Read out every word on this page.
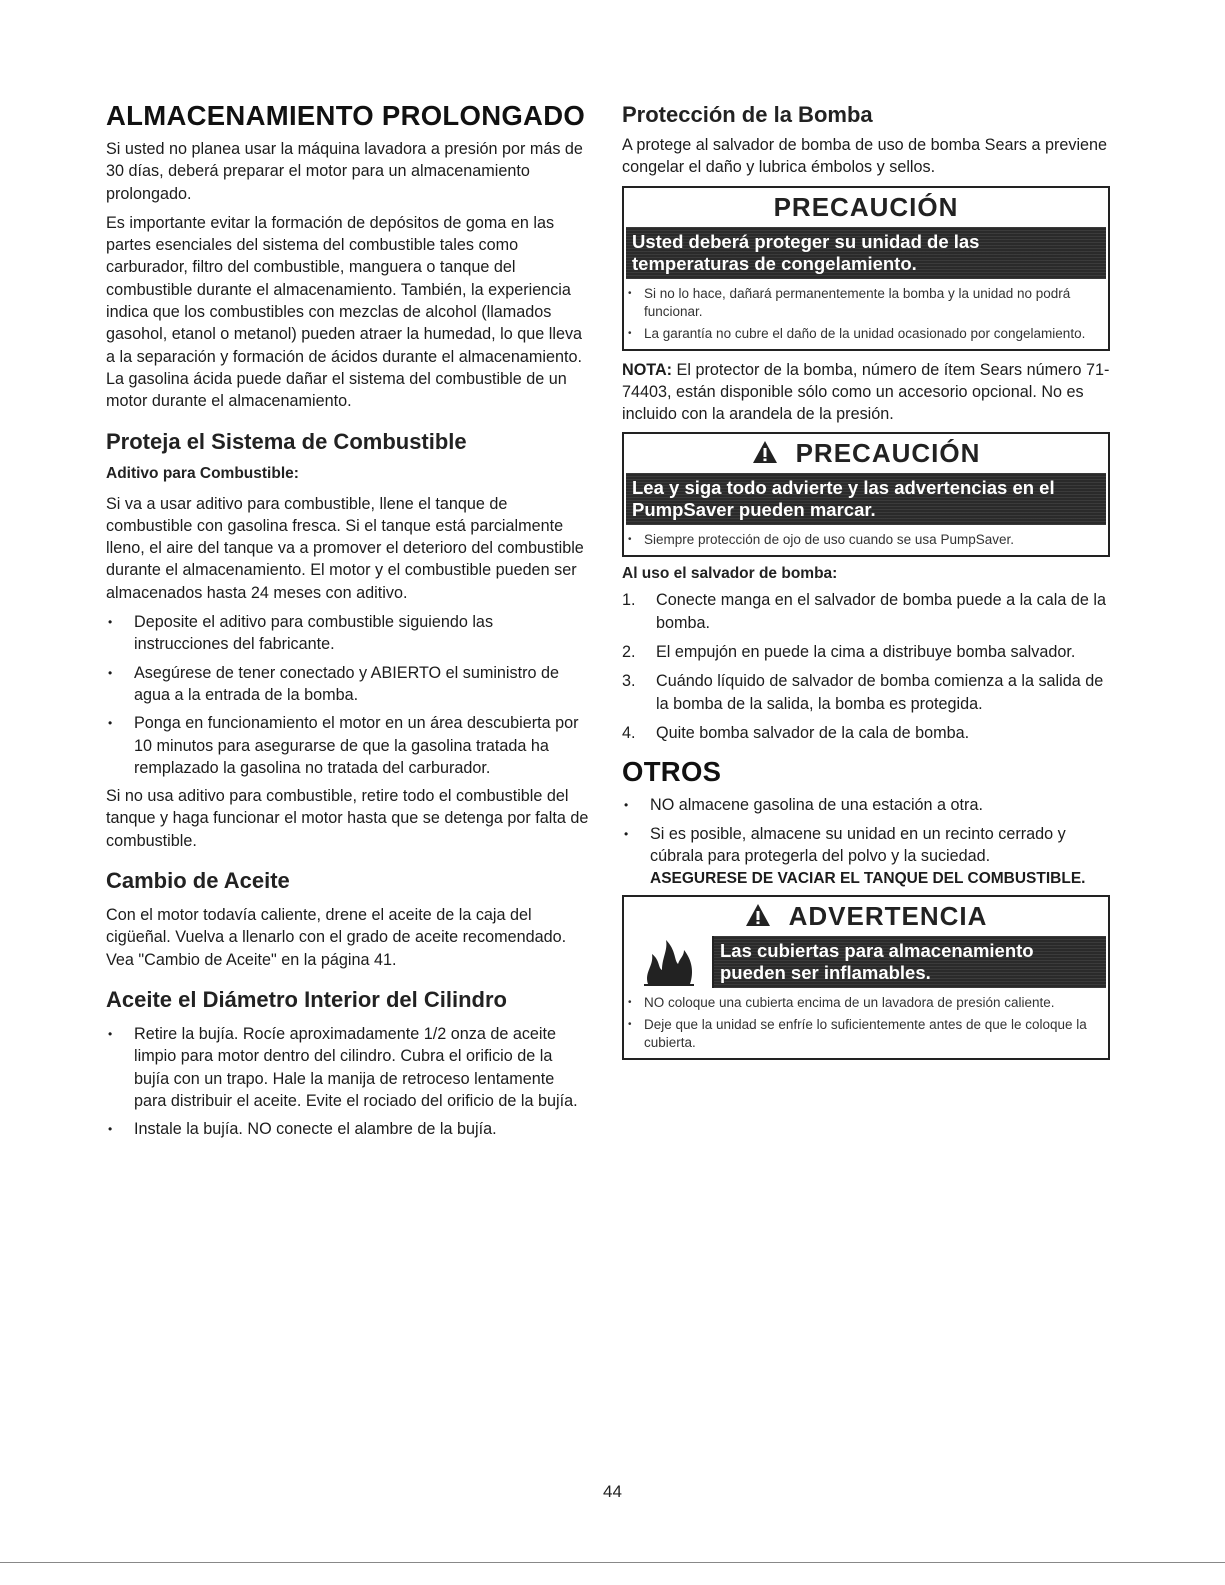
ALMACENAMIENTO PROLONGADO

Si usted no planea usar la máquina lavadora a presión por más de 30 días, deberá preparar el motor para un almacenamiento prolongado.

Es importante evitar la formación de depósitos de goma en las partes esenciales del sistema del combustible tales como carburador, filtro del combustible, manguera o tanque del combustible durante el almacenamiento. También, la experiencia indica que los combustibles con mezclas de alcohol (llamados gasohol, etanol o metanol) pueden atraer la humedad, lo que lleva a la separación y formación de ácidos durante el almacenamiento. La gasolina ácida puede dañar el sistema del combustible de un motor durante el almacenamiento.

Proteja el Sistema de Combustible
Aditivo para Combustible:

Si va a usar aditivo para combustible, llene el tanque de combustible con gasolina fresca. Si el tanque está parcialmente lleno, el aire del tanque va a promover el deterioro del combustible durante el almacenamiento. El motor y el combustible pueden ser almacenados hasta 24 meses con aditivo.

• Deposite el aditivo para combustible siguiendo las instrucciones del fabricante.
• Asegúrese de tener conectado y ABIERTO el suministro de agua a la entrada de la bomba.
• Ponga en funcionamiento el motor en un área descubierta por 10 minutos para asegurarse de que la gasolina tratada ha remplazado la gasolina no tratada del carburador.

Si no usa aditivo para combustible, retire todo el combustible del tanque y haga funcionar el motor hasta que se detenga por falta de combustible.

Cambio de Aceite

Con el motor todavía caliente, drene el aceite de la caja del cigüeñal. Vuelva a llenarlo con el grado de aceite recomendado. Vea "Cambio de Aceite" en la página 41.

Aceite el Diámetro Interior del Cilindro
• Retire la bujía. Rocíe aproximadamente 1/2 onza de aceite limpio para motor dentro del cilindro. Cubra el orificio de la bujía con un trapo. Hale la manija de retroceso lentamente para distribuir el aceite. Evite el rociado del orificio de la bujía.
• Instale la bujía. NO conecte el alambre de la bujía.
Protección de la Bomba

A protege al salvador de bomba de uso de bomba Sears a previene congelar el daño y lubrica émbolos y sellos.

PRECAUCIÓN
Usted deberá proteger su unidad de las temperaturas de congelamiento.
• Si no lo hace, dañará permanentemente la bomba y la unidad no podrá funcionar.
• La garantía no cubre el daño de la unidad ocasionado por congelamiento.

NOTA: El protector de la bomba, número de ítem Sears número 71-74403, están disponible sólo como un accesorio opcional. No es incluido con la arandela de la presión.

PRECAUCIÓN
Lea y siga todo advierte y las advertencias en el PumpSaver pueden marcar.
• Siempre protección de ojo de uso cuando se usa PumpSaver.
Al uso el salvador de bomba:
1. Conecte manga en el salvador de bomba puede a la cala de la bomba.
2. El empujón en puede la cima a distribuye bomba salvador.
3. Cuándo líquido de salvador de bomba comienza a la salida de la bomba de la salida, la bomba es protegida.
4. Quite bomba salvador de la cala de bomba.
OTROS
• NO almacene gasolina de una estación a otra.
• Si es posible, almacene su unidad en un recinto cerrado y cúbrala para protegerla del polvo y la suciedad.
ASEGURESE DE VACIAR EL TANQUE DEL COMBUSTIBLE.
ADVERTENCIA
Las cubiertas para almacenamiento pueden ser inflamables.
• NO coloque una cubierta encima de un lavadora de presión caliente.
• Deje que la unidad se enfríe lo suficientemente antes de que le coloque la cubierta.
44
